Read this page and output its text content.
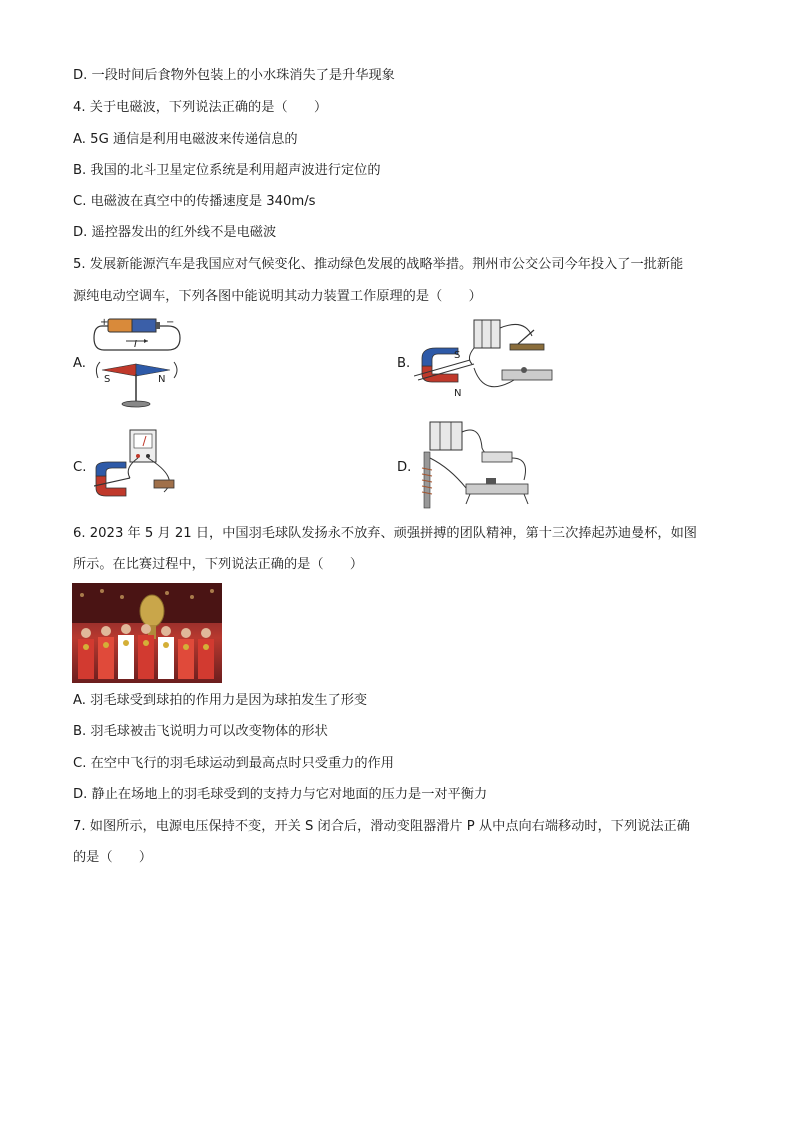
D. 一段时间后食物外包装上的小水珠消失了是升华现象
4. 关于电磁波，下列说法正确的是（　　）
A. 5G 通信是利用电磁波来传递信息的
B. 我国的北斗卫星定位系统是利用超声波进行定位的
C. 电磁波在真空中的传播速度是 340m/s
D. 遥控器发出的红外线不是电磁波
5. 发展新能源汽车是我国应对气候变化、推动绿色发展的战略举措。荆州市公交公司今年投入了一批新能
源纯电动空调车，下列各图中能说明其动力装置工作原理的是（　　）
A.	B.
C.	D.
+	−
I
S	N
S
N
6. 2023 年 5 月 21 日，中国羽毛球队发扬永不放弃、顽强拼搏的团队精神，第十三次捧起苏迪曼杯，如图
所示。在比赛过程中，下列说法正确的是（　　）
A. 羽毛球受到球拍的作用力是因为球拍发生了形变
B. 羽毛球被击飞说明力可以改变物体的形状
C. 在空中飞行的羽毛球运动到最高点时只受重力的作用
D. 静止在场地上的羽毛球受到的支持力与它对地面的压力是一对平衡力
7. 如图所示，电源电压保持不变，开关 S 闭合后，滑动变阻器滑片 P 从中点向右端移动时，下列说法正确
的是（　　）
